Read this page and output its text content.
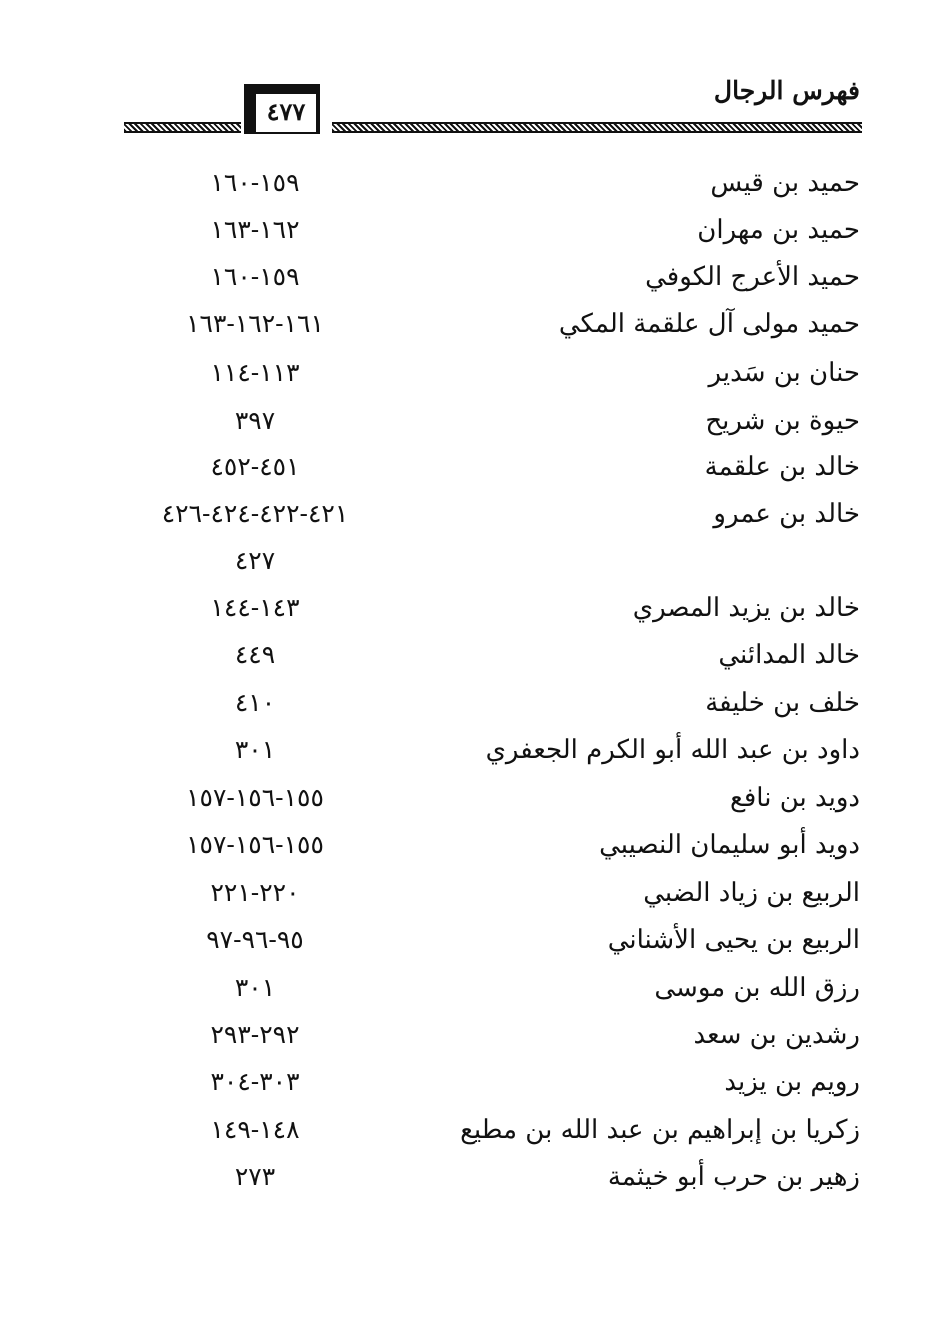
فهرس الرجال
٤٧٧
حميد بن قيس
١٥٩-١٦٠
حميد بن مهران
١٦٢-١٦٣
حميد الأعرج الكوفي
١٥٩-١٦٠
حميد مولى آل علقمة المكي
١٦١-١٦٢-١٦٣
حنان بن سَدير
١١٣-١١٤
حيوة بن شريح
٣٩٧
خالد بن علقمة
٤٥١-٤٥٢
خالد بن عمرو
٤٢١-٤٢٢-٤٢٤-٤٢٦
٤٢٧
خالد بن يزيد المصري
١٤٣-١٤٤
خالد المدائني
٤٤٩
خلف بن خليفة
٤١٠
داود بن عبد الله أبو الكرم الجعفري
٣٠١
دويد بن نافع
١٥٥-١٥٦-١٥٧
دويد أبو سليمان النصيبي
١٥٥-١٥٦-١٥٧
الربيع بن زياد الضبي
٢٢٠-٢٢١
الربيع بن يحيى الأشناني
٩٥-٩٦-٩٧
رزق الله بن موسى
٣٠١
رشدين بن سعد
٢٩٢-٢٩٣
رويم بن يزيد
٣٠٣-٣٠٤
زكريا بن إبراهيم بن عبد الله بن مطيع
١٤٨-١٤٩
زهير بن حرب أبو خيثمة
٢٧٣
